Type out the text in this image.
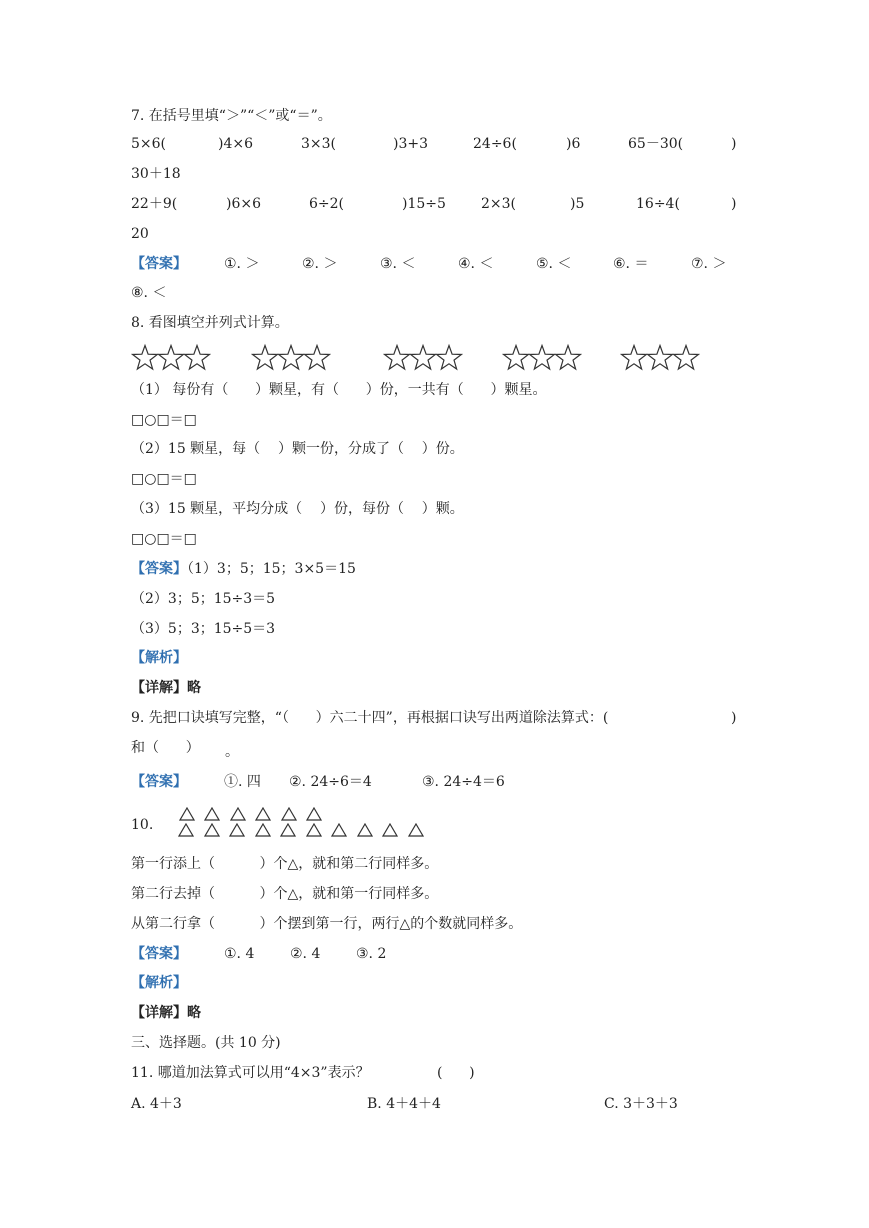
7. 在括号里填“＞”“＜”或“＝”。
5×6(	)4×6	3×3(	)3+3	24÷6(	)6	65－30(	)
30＋18
22＋9(	)6×6	6÷2(	)15÷5	2×3(	)5	16÷4(	)
20
【答案】	①. ＞	②. ＞	③. ＜	④. ＜	⑤. ＜	⑥. ＝	⑦. ＞
⑧. ＜
8. 看图填空并列式计算。
（1） 每份有（      ）颗星，有（      ）份，一共有（      ）颗星。
□○□＝□
（2）15 颗星，每（    ）颗一份，分成了（    ）份。
□○□＝□
（3）15 颗星，平均分成（    ）份，每份（    ）颗。
□○□＝□
【答案】（1）3；5；15；3×5＝15
（2）3；5；15÷3＝5
（3）5；3；15÷5＝3
【解析】
【详解】略
9. 先把口诀填写完整，“（      ）六二十四”，再根据口诀写出两道除法算式：(	)
和（      ） 。
【答案】	①. 四 ②. 24÷6＝4	③. 24÷4＝6
10.
第一行添上（          ）个△，就和第二行同样多。
第二行去掉（          ）个△，就和第一行同样多。
从第二行拿（          ）个摆到第一行，两行△的个数就同样多。
【答案】	①. 4	②. 4	③. 2
【解析】
【详解】略
三、选择题。(共 10 分)
11. 哪道加法算式可以用“4×3”表示？	(      )
A. 4＋3	B. 4＋4＋4	C. 3＋3＋3
